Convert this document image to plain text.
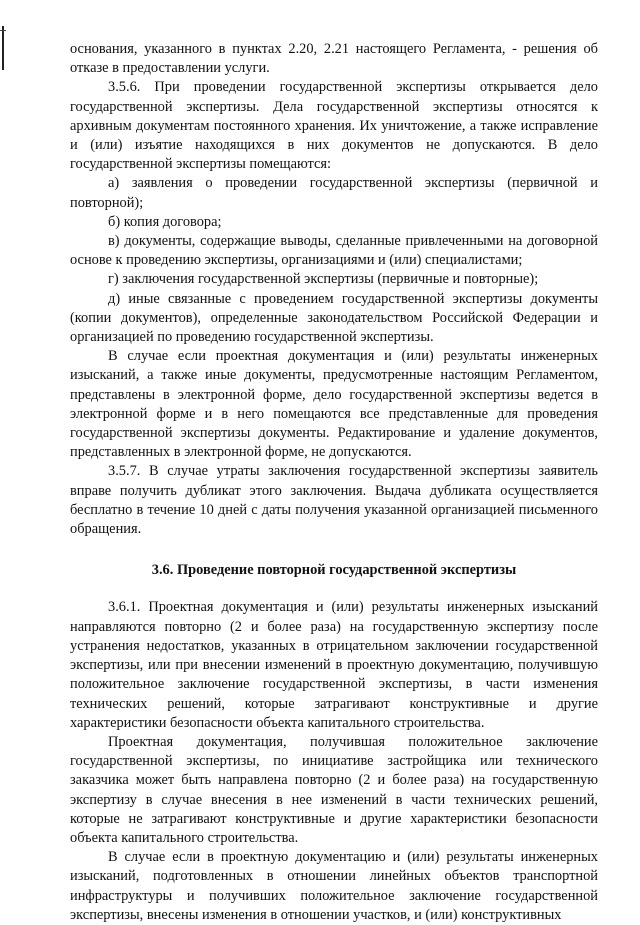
основания, указанного в пунктах 2.20, 2.21 настоящего Регламента, - решения об отказе в предоставлении услуги.

3.5.6. При проведении государственной экспертизы открывается дело государственной экспертизы. Дела государственной экспертизы относятся к архивным документам постоянного хранения. Их уничтожение, а также исправление и (или) изъятие находящихся в них документов не допускаются. В дело государственной экспертизы помещаются:

а) заявления о проведении государственной экспертизы (первичной и повторной);

б) копия договора;

в) документы, содержащие выводы, сделанные привлеченными на договорной основе к проведению экспертизы, организациями и (или) специалистами;

г) заключения государственной экспертизы (первичные и повторные);

д) иные связанные с проведением государственной экспертизы документы (копии документов), определенные законодательством Российской Федерации и организацией по проведению государственной экспертизы.

В случае если проектная документация и (или) результаты инженерных изысканий, а также иные документы, предусмотренные настоящим Регламентом, представлены в электронной форме, дело государственной экспертизы ведется в электронной форме и в него помещаются все представленные для проведения государственной экспертизы документы. Редактирование и удаление документов, представленных в электронной форме, не допускаются.

3.5.7. В случае утраты заключения государственной экспертизы заявитель вправе получить дубликат этого заключения. Выдача дубликата осуществляется бесплатно в течение 10 дней с даты получения указанной организацией письменного обращения.

3.6. Проведение повторной государственной экспертизы

3.6.1. Проектная документация и (или) результаты инженерных изысканий направляются повторно (2 и более раза) на государственную экспертизу после устранения недостатков, указанных в отрицательном заключении государственной экспертизы, или при внесении изменений в проектную документацию, получившую положительное заключение государственной экспертизы, в части изменения технических решений, которые затрагивают конструктивные и другие характеристики безопасности объекта капитального строительства.

Проектная документация, получившая положительное заключение государственной экспертизы, по инициативе застройщика или технического заказчика может быть направлена повторно (2 и более раза) на государственную экспертизу в случае внесения в нее изменений в части технических решений, которые не затрагивают конструктивные и другие характеристики безопасности объекта капитального строительства.

В случае если в проектную документацию и (или) результаты инженерных изысканий, подготовленных в отношении линейных объектов транспортной инфраструктуры и получивших положительное заключение государственной экспертизы, внесены изменения в отношении участков, и (или) конструктивных
